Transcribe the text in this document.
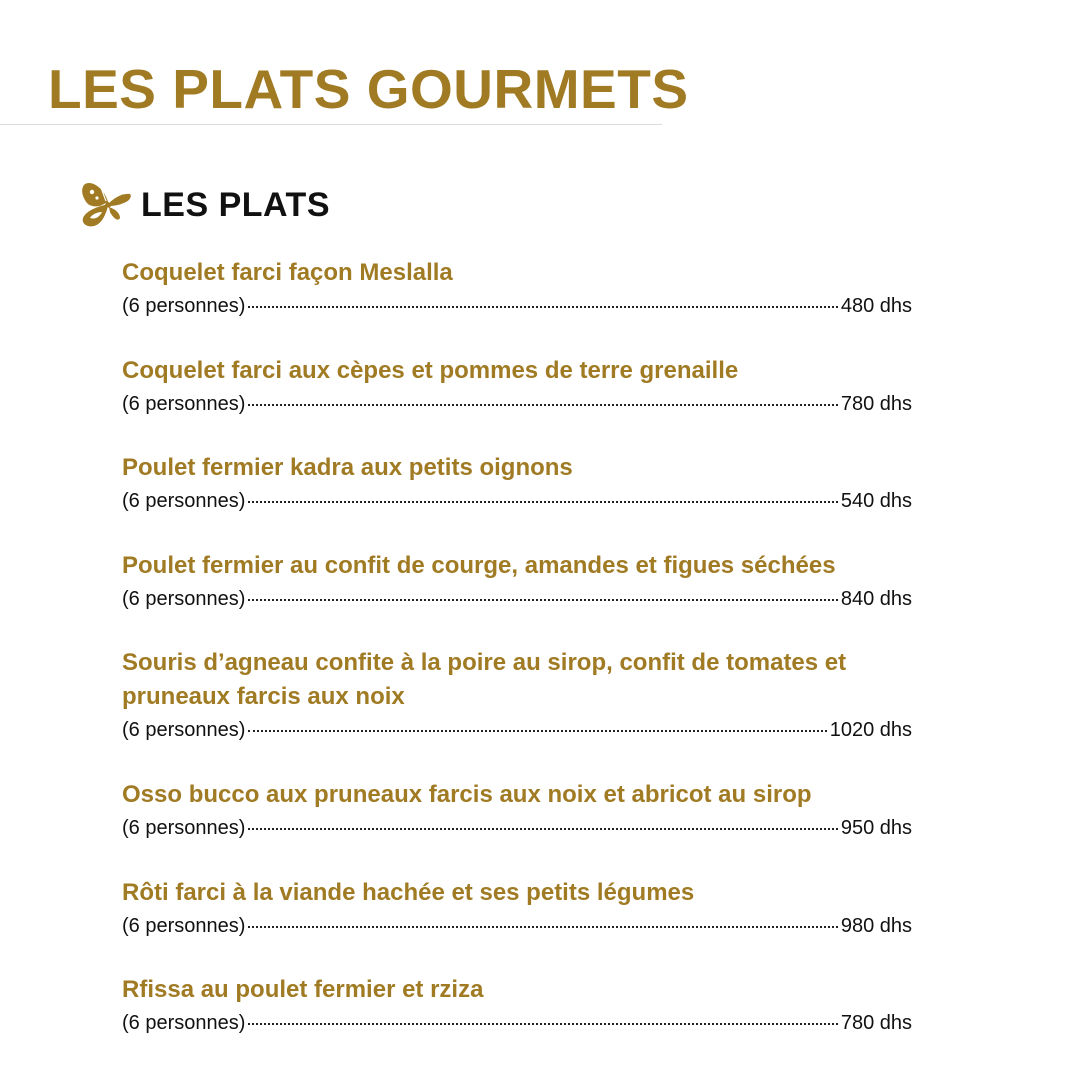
LES PLATS GOURMETS
LES PLATS
Coquelet farci façon Meslalla
(6 personnes)	480 dhs
Coquelet farci aux cèpes et pommes de terre grenaille
(6 personnes)	780 dhs
Poulet fermier kadra aux petits oignons
(6 personnes)	540 dhs
Poulet fermier au confit de courge, amandes et figues séchées
(6 personnes)	840 dhs
Souris d’agneau confite à la poire au sirop, confit de tomates et
pruneaux farcis aux noix
(6 personnes)	1020 dhs
Osso bucco aux pruneaux farcis aux noix et abricot au sirop
(6 personnes)	950 dhs
Rôti farci à la viande hachée et ses petits légumes
(6 personnes)	980 dhs
Rfissa au poulet fermier et rziza
(6 personnes)	780 dhs
